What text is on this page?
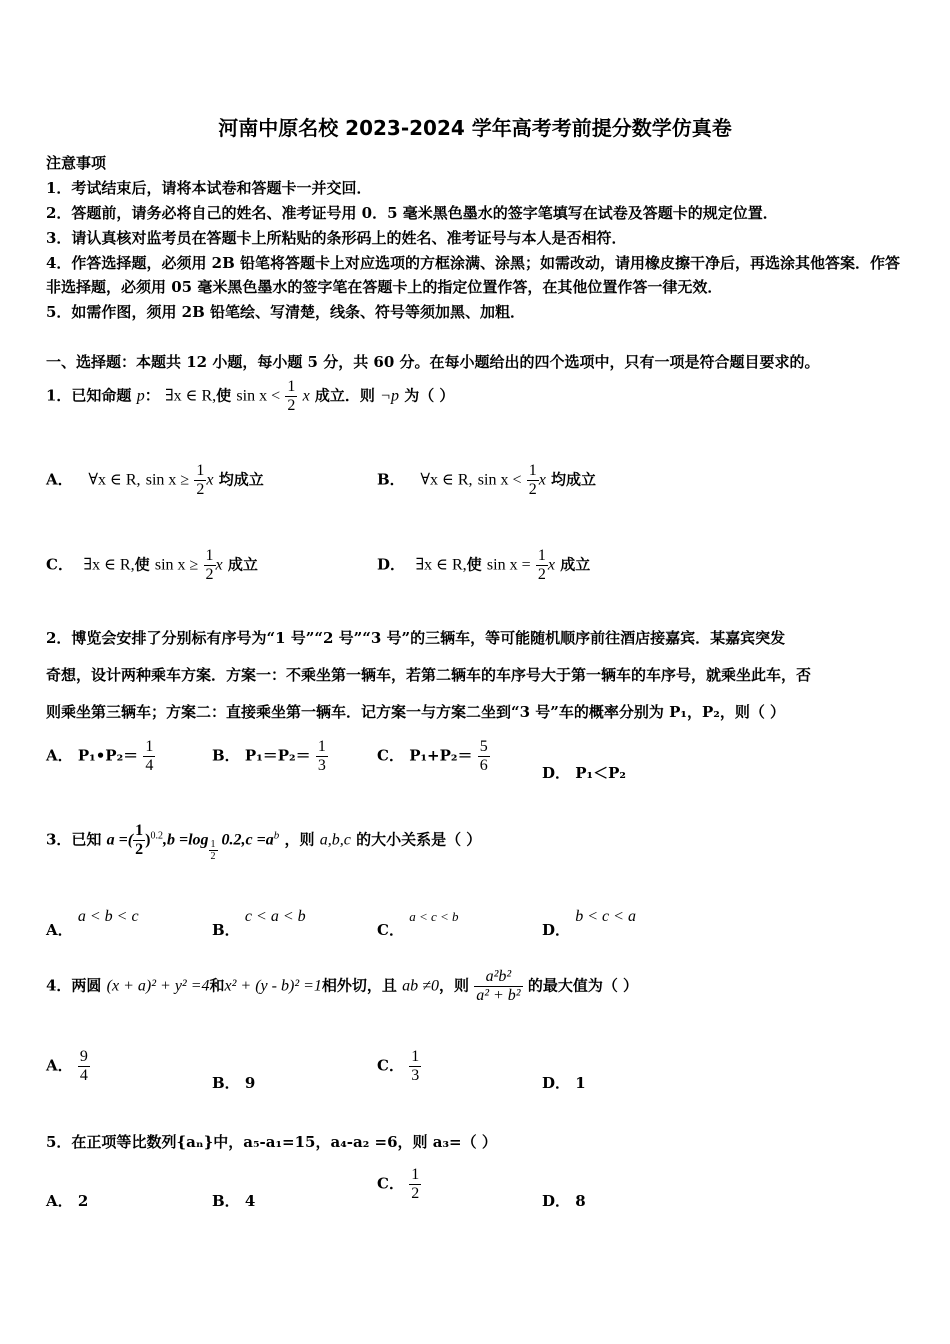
河南中原名校 2023-2024 学年高考考前提分数学仿真卷
注意事项
1．考试结束后，请将本试卷和答题卡一并交回．
2．答题前，请务必将自己的姓名、准考证号用 0．5 毫米黑色墨水的签字笔填写在试卷及答题卡的规定位置．
3．请认真核对监考员在答题卡上所粘贴的条形码上的姓名、准考证号与本人是否相符．
4．作答选择题，必须用 2B 铅笔将答题卡上对应选项的方框涂满、涂黑；如需改动，请用橡皮擦干净后，再选涂其他答案．作答非选择题，必须用 05 毫米黑色墨水的签字笔在答题卡上的指定位置作答，在其他位置作答一律无效．
5．如需作图，须用 2B 铅笔绘、写清楚，线条、符号等须加黑、加粗．
一、选择题：本题共 12 小题，每小题 5 分，共 60 分。在每小题给出的四个选项中，只有一项是符合题目要求的。
1．已知命题 p： ∃x ∈ R,使 $\sin x < \frac{1}{2}$ x 成立．则 ¬p 为（ ）
A． ∀x ∈ R, $\sin x \ge \frac{1}{2}$ x 均成立	B． ∀x ∈ R, $\sin x < \frac{1}{2}$ x 均成立
C． ∃x ∈ R,使 $\sin x \ge \frac{1}{2}$ x 成立	D． ∃x ∈ R,使 $\sin x = \frac{1}{2}$ x 成立
2．博览会安排了分别标有序号为“1 号”“2 号”“3 号”的三辆车，等可能随机顺序前往酒店接嘉宾．某嘉宾突发
奇想，设计两种乘车方案．方案一：不乘坐第一辆车，若第二辆车的车序号大于第一辆车的车序号，就乘坐此车，否
则乘坐第三辆车；方案二：直接乘坐第一辆车．记方案一与方案二坐到“3 号”车的概率分别为 P₁，P₂，则（ ）
A． P₁•P₂＝ $\frac{1}{4}$	B． $P_1=P_2= \frac{1}{3}$	C． $P_1+P_2= \frac{5}{6}$	D． P₁＜P₂
3．已知 a =( $\frac{1}{2} )^{0.2},b =\log$ $_{\frac{1}{2}}$ $0.2,c =a^b$ ，则 a,b,c 的大小关系是（ ）
A． a < b < c
B． c < a < b
C． a < c < b
D． b < c < a
4．两圆 (x + a)² + y² =4和x² + (y - b)² =1相外切，且 ab ≠0，则 $\frac{\text{a²b²}}{\text{a² + b²}}$ 的最大值为（ ）
A． $\frac{9}{4}$	B． 9
C． $\frac{1}{3}$	D． 1
5．在正项等比数列{aₙ}中，a₅-a₁=15，a₄-a₂ =6，则 a₃=（ ）
A． 2	B． 4
C． $\frac{1}{2}$	D． 8
